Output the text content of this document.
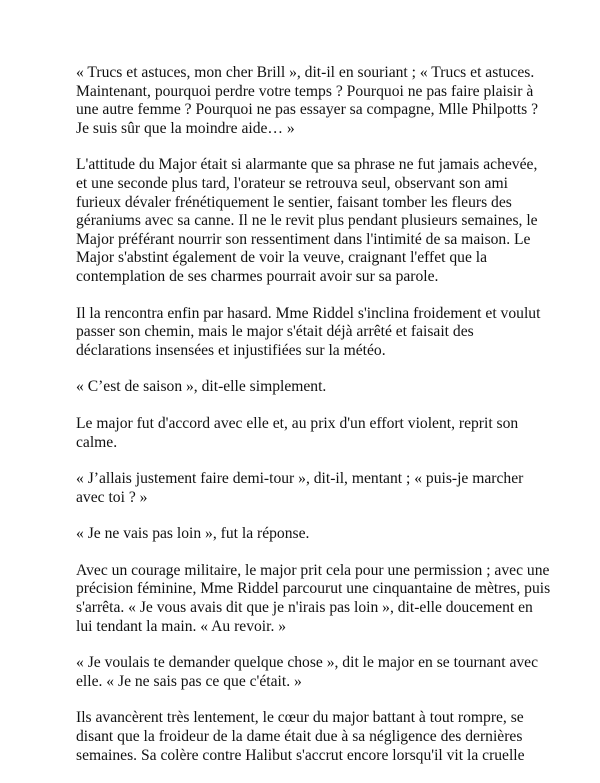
« Trucs et astuces, mon cher Brill », dit-il en souriant ; « Trucs et astuces.
Maintenant, pourquoi perdre votre temps ? Pourquoi ne pas faire plaisir à
une autre femme ? Pourquoi ne pas essayer sa compagne, Mlle Philpotts ?
Je suis sûr que la moindre aide… »

L'attitude du Major était si alarmante que sa phrase ne fut jamais achevée,
et une seconde plus tard, l'orateur se retrouva seul, observant son ami
furieux dévaler frénétiquement le sentier, faisant tomber les fleurs des
géraniums avec sa canne. Il ne le revit plus pendant plusieurs semaines, le
Major préférant nourrir son ressentiment dans l'intimité de sa maison. Le
Major s'abstint également de voir la veuve, craignant l'effet que la
contemplation de ses charmes pourrait avoir sur sa parole.

Il la rencontra enfin par hasard. Mme Riddel s'inclina froidement et voulut
passer son chemin, mais le major s'était déjà arrêté et faisait des
déclarations insensées et injustifiées sur la météo.

« C’est de saison », dit-elle simplement.

Le major fut d'accord avec elle et, au prix d'un effort violent, reprit son
calme.

« J’allais justement faire demi-tour », dit-il, mentant ; « puis-je marcher
avec toi ? »

« Je ne vais pas loin », fut la réponse.

Avec un courage militaire, le major prit cela pour une permission ; avec une
précision féminine, Mme Riddel parcourut une cinquantaine de mètres, puis
s'arrêta. « Je vous avais dit que je n'irais pas loin », dit-elle doucement en
lui tendant la main. « Au revoir. »

« Je voulais te demander quelque chose », dit le major en se tournant avec
elle. « Je ne sais pas ce que c'était. »

Ils avancèrent très lentement, le cœur du major battant à tout rompre, se
disant que la froideur de la dame était due à sa négligence des dernières
semaines. Sa colère contre Halibut s'accrut encore lorsqu'il vit la cruelle
